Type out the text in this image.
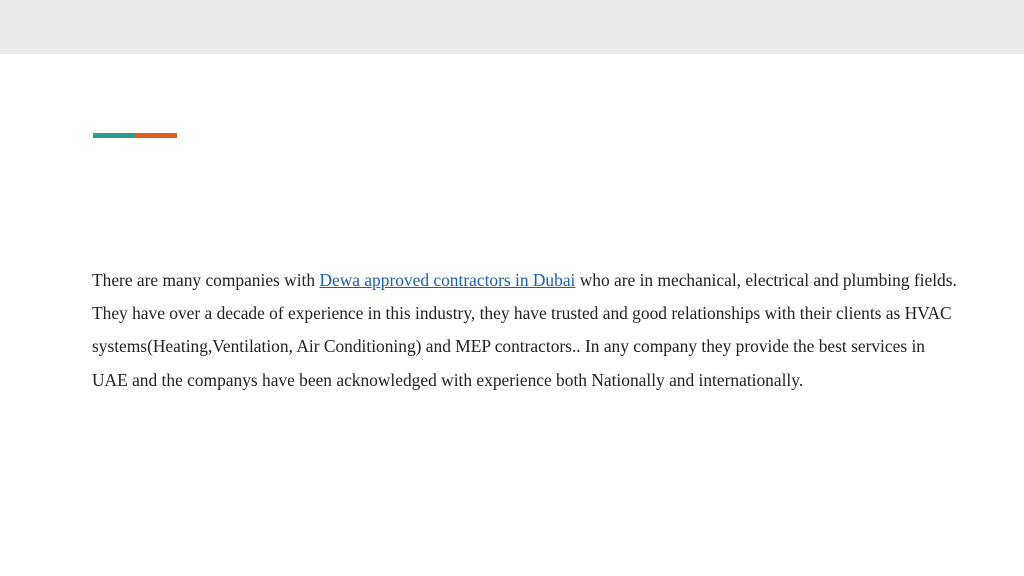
There are many companies with Dewa approved contractors in Dubai who are in mechanical, electrical and plumbing fields. They have over a decade of experience in this industry, they have trusted and good relationships with their clients as HVAC systems(Heating,Ventilation, Air Conditioning) and MEP contractors.. In any company they provide the best services in UAE and the companys have been acknowledged with experience both Nationally and internationally.
